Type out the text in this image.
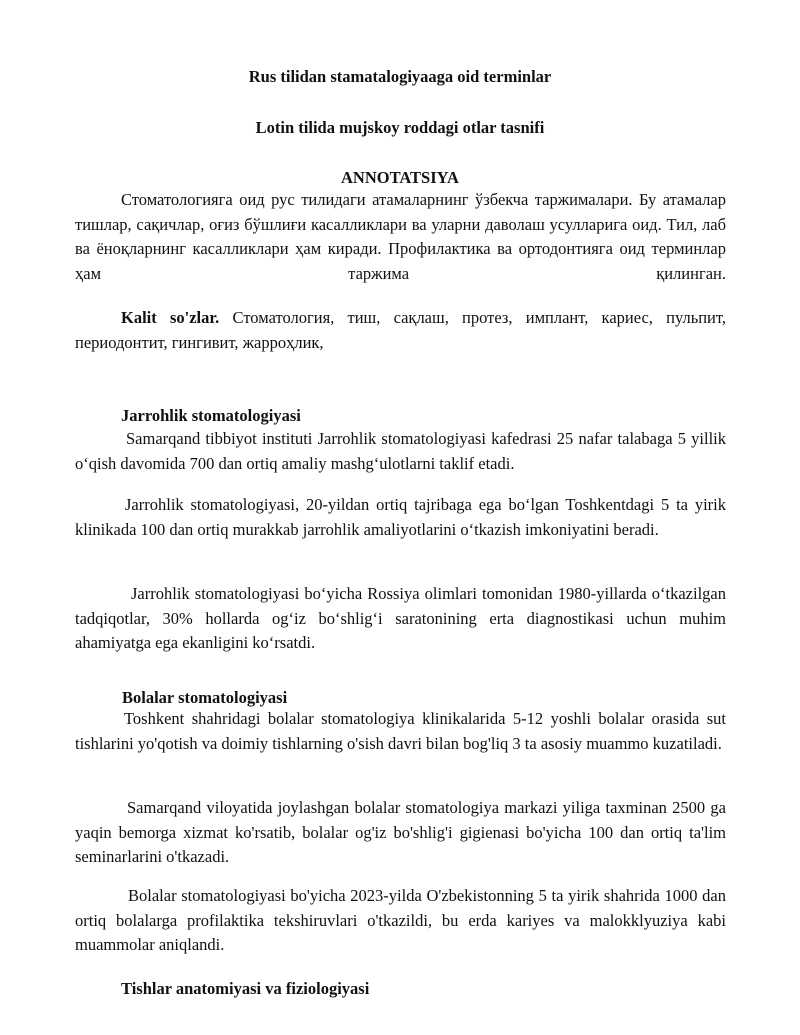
Rus tilidan stamatalogiyaaga oid terminlar
Lotin tilida mujskoy roddagi otlar tasnifi
ANNOTATSIYA

Стоматологияга оид рус тилидаги атамаларнинг ўзбекча таржималари. Бу атамалар тишлар, сақичлар, оғиз бўшлиғи касалликлари ва уларни даволаш усулларига оид. Тил, лаб ва ёноқларнинг касалликлари ҳам киради. Профилактика ва ортодонтияга оид терминлар ҳам таржима қилинган.

Kalit so'zlar. Стоматология, тиш, сақлаш, протез, имплант, кариес, пульпит, периодонтит, гингивит, жарроҳлик,

Jarrohlik stomatologiyasi

Samarqand tibbiyot instituti Jarrohlik stomatologiyasi kafedrasi 25 nafar talabaga 5 yillik o‘qish davomida 700 dan ortiq amaliy mashg‘ulotlarni taklif etadi.

Jarrohlik stomatologiyasi, 20-yildan ortiq tajribaga ega bo‘lgan Toshkentdagi 5 ta yirik klinikada 100 dan ortiq murakkab jarrohlik amaliyotlarini o‘tkazish imkoniyatini beradi.

Jarrohlik stomatologiyasi bo‘yicha Rossiya olimlari tomonidan 1980-yillarda o‘tkazilgan tadqiqotlar, 30% hollarda og‘iz bo‘shlig‘i saratonining erta diagnostikasi uchun muhim ahamiyatga ega ekanligini ko‘rsatdi.

Bolalar stomatologiyasi

Toshkent shahridagi bolalar stomatologiya klinikalarida 5-12 yoshli bolalar orasida sut tishlarini yo'qotish va doimiy tishlarning o'sish davri bilan bog'liq 3 ta asosiy muammo kuzatiladi.

Samarqand viloyatida joylashgan bolalar stomatologiya markazi yiliga taxminan 2500 ga yaqin bemorga xizmat ko'rsatib, bolalar og'iz bo'shlig'i gigienasi bo'yicha 100 dan ortiq ta'lim seminarlarini o'tkazadi.

Bolalar stomatologiyasi bo'yicha 2023-yilda O'zbekistonning 5 ta yirik shahrida 1000 dan ortiq bolalarga profilaktika tekshiruvlari o'tkazildi, bu erda kariyes va malokklyuziya kabi muammolar aniqlandi.

Tishlar anatomiyasi va fiziologiyasi
